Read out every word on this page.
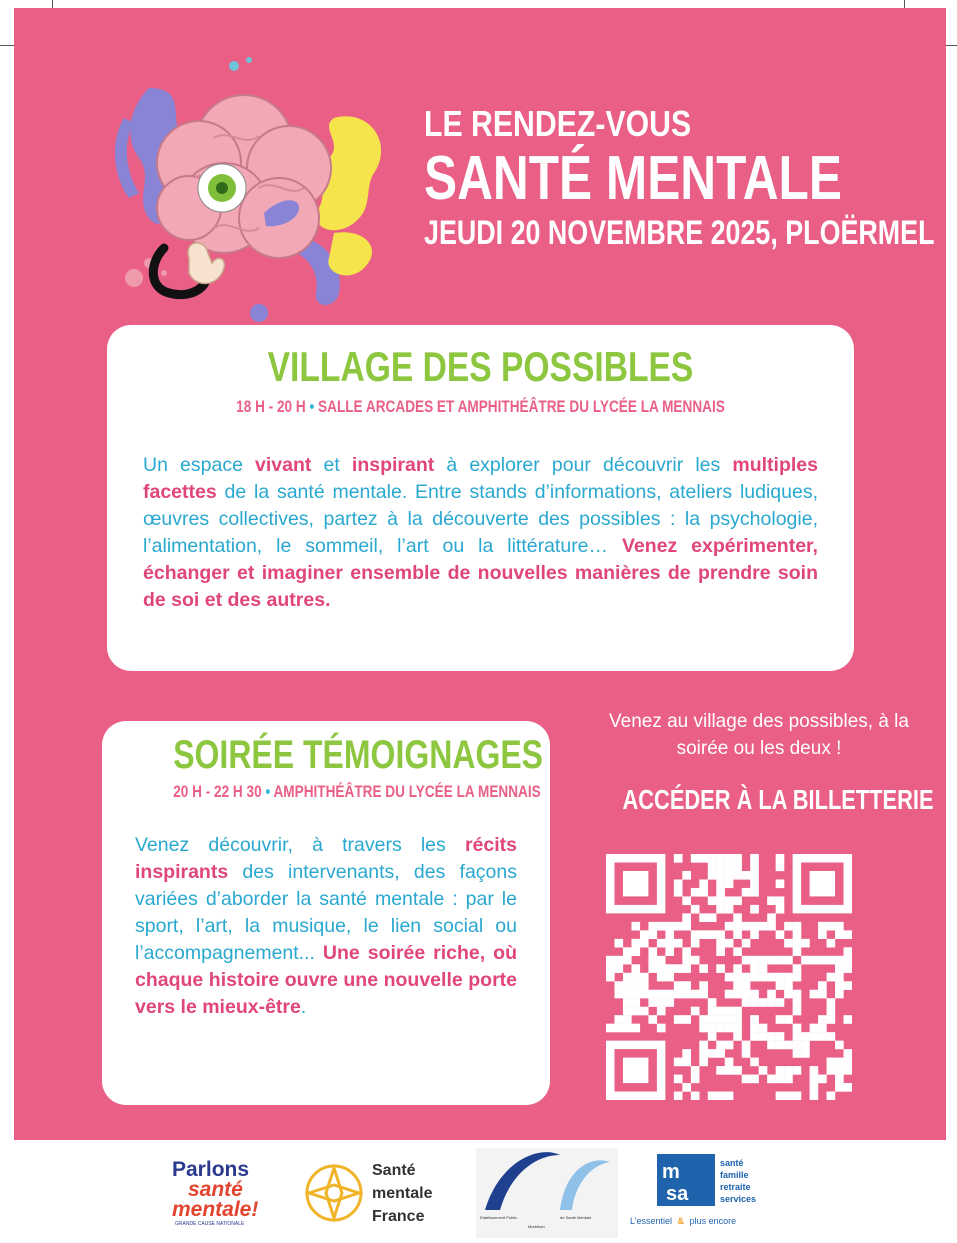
LE RENDEZ-VOUS
SANTÉ MENTALE
JEUDI 20 NOVEMBRE 2025, PLOËRMEL
VILLAGE DES POSSIBLES
18 H - 20 H • SALLE ARCADES ET AMPHITHÉÂTRE DU LYCÉE LA MENNAIS

Un espace vivant et inspirant à explorer pour découvrir les multiples facettes de la santé mentale. Entre stands d’informations, ateliers ludiques, œuvres collectives, partez à la découverte des possibles : la psychologie, l’alimentation, le sommeil, l’art ou la littérature… Venez expérimenter, échanger et imaginer ensemble de nouvelles manières de prendre soin de soi et des autres.

SOIRÉE TÉMOIGNAGES
20 H - 22 H 30 • AMPHITHÉÂTRE DU LYCÉE LA MENNAIS

Venez découvrir, à travers les récits inspirants des intervenants, des façons variées d’aborder la santé mentale : par le sport, l’art, la musique, le lien social ou l’accompagnement... Une soirée riche, où chaque histoire ouvre une nouvelle porte vers le mieux-être.

Venez au village des possibles, à la soirée ou les deux !

ACCÉDER À LA BILLETTERIE
Parlons
santé
mentale!
GRANDE CAUSE NATIONALE
Santé
mentale
France	Etablissement Public	de Santé Mentale
Morbihan
m
sa
santé
famille
retraite
services
L’essentiel & plus encore
